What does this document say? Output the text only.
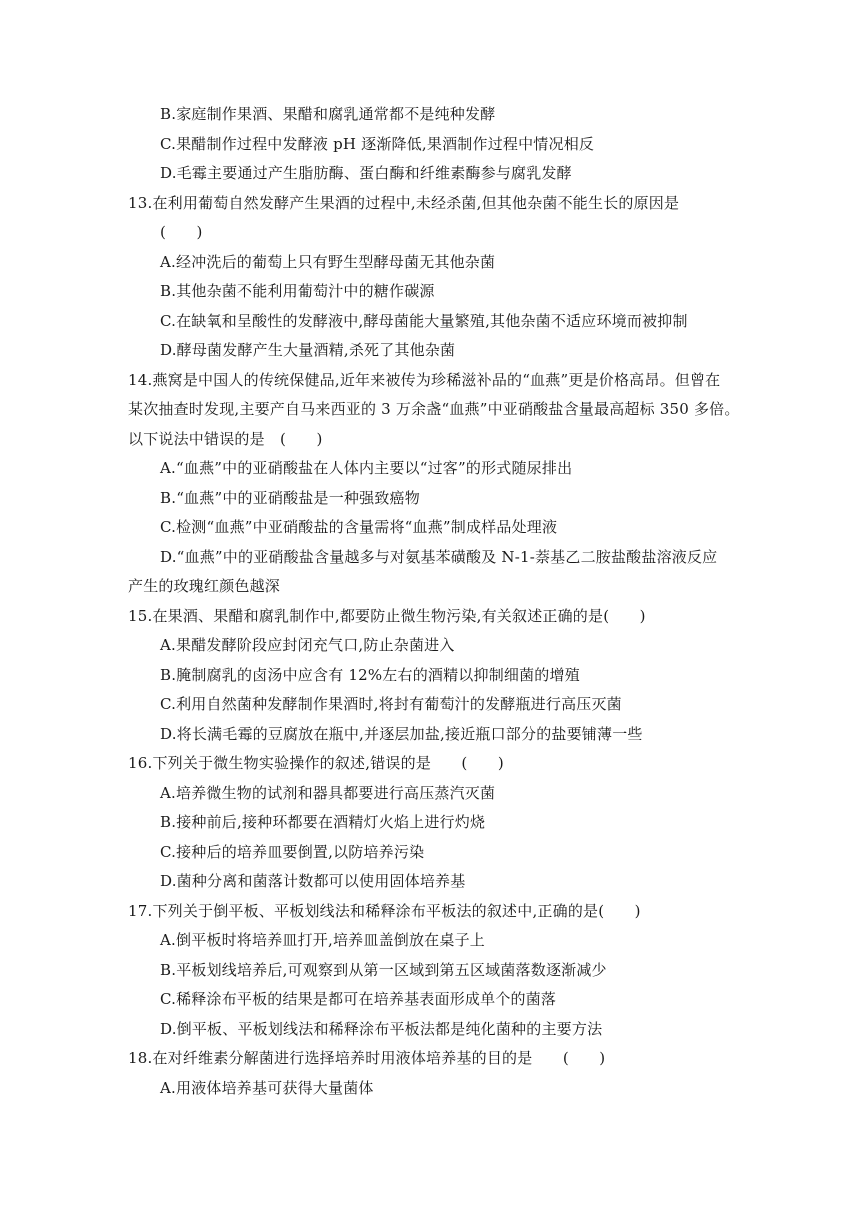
B.家庭制作果酒、果醋和腐乳通常都不是纯种发酵
C.果醋制作过程中发酵液 pH 逐渐降低,果酒制作过程中情况相反
D.毛霉主要通过产生脂肪酶、蛋白酶和纤维素酶参与腐乳发酵
13.在利用葡萄自然发酵产生果酒的过程中,未经杀菌,但其他杂菌不能生长的原因是
(　　)
A.经冲洗后的葡萄上只有野生型酵母菌无其他杂菌
B.其他杂菌不能利用葡萄汁中的糖作碳源
C.在缺氧和呈酸性的发酵液中,酵母菌能大量繁殖,其他杂菌不适应环境而被抑制
D.酵母菌发酵产生大量酒精,杀死了其他杂菌
14.燕窝是中国人的传统保健品,近年来被传为珍稀滋补品的“血燕”更是价格高昂。但曾在
某次抽查时发现,主要产自马来西亚的 3 万余盏“血燕”中亚硝酸盐含量最高超标 350 多倍。
以下说法中错误的是　(　　)
A.“血燕”中的亚硝酸盐在人体内主要以“过客”的形式随尿排出
B.“血燕”中的亚硝酸盐是一种强致癌物
C.检测“血燕”中亚硝酸盐的含量需将“血燕”制成样品处理液
D.“血燕”中的亚硝酸盐含量越多与对氨基苯磺酸及 N-1-萘基乙二胺盐酸盐溶液反应
产生的玫瑰红颜色越深
15.在果酒、果醋和腐乳制作中,都要防止微生物污染,有关叙述正确的是(　　)
A.果醋发酵阶段应封闭充气口,防止杂菌进入
B.腌制腐乳的卤汤中应含有 12%左右的酒精以抑制细菌的增殖
C.利用自然菌种发酵制作果酒时,将封有葡萄汁的发酵瓶进行高压灭菌
D.将长满毛霉的豆腐放在瓶中,并逐层加盐,接近瓶口部分的盐要铺薄一些
16.下列关于微生物实验操作的叙述,错误的是　　(　　)
A.培养微生物的试剂和器具都要进行高压蒸汽灭菌
B.接种前后,接种环都要在酒精灯火焰上进行灼烧
C.接种后的培养皿要倒置,以防培养污染
D.菌种分离和菌落计数都可以使用固体培养基
17.下列关于倒平板、平板划线法和稀释涂布平板法的叙述中,正确的是(　　)
A.倒平板时将培养皿打开,培养皿盖倒放在桌子上
B.平板划线培养后,可观察到从第一区域到第五区域菌落数逐渐减少
C.稀释涂布平板的结果是都可在培养基表面形成单个的菌落
D.倒平板、平板划线法和稀释涂布平板法都是纯化菌种的主要方法
18.在对纤维素分解菌进行选择培养时用液体培养基的目的是　　(　　)
A.用液体培养基可获得大量菌体
